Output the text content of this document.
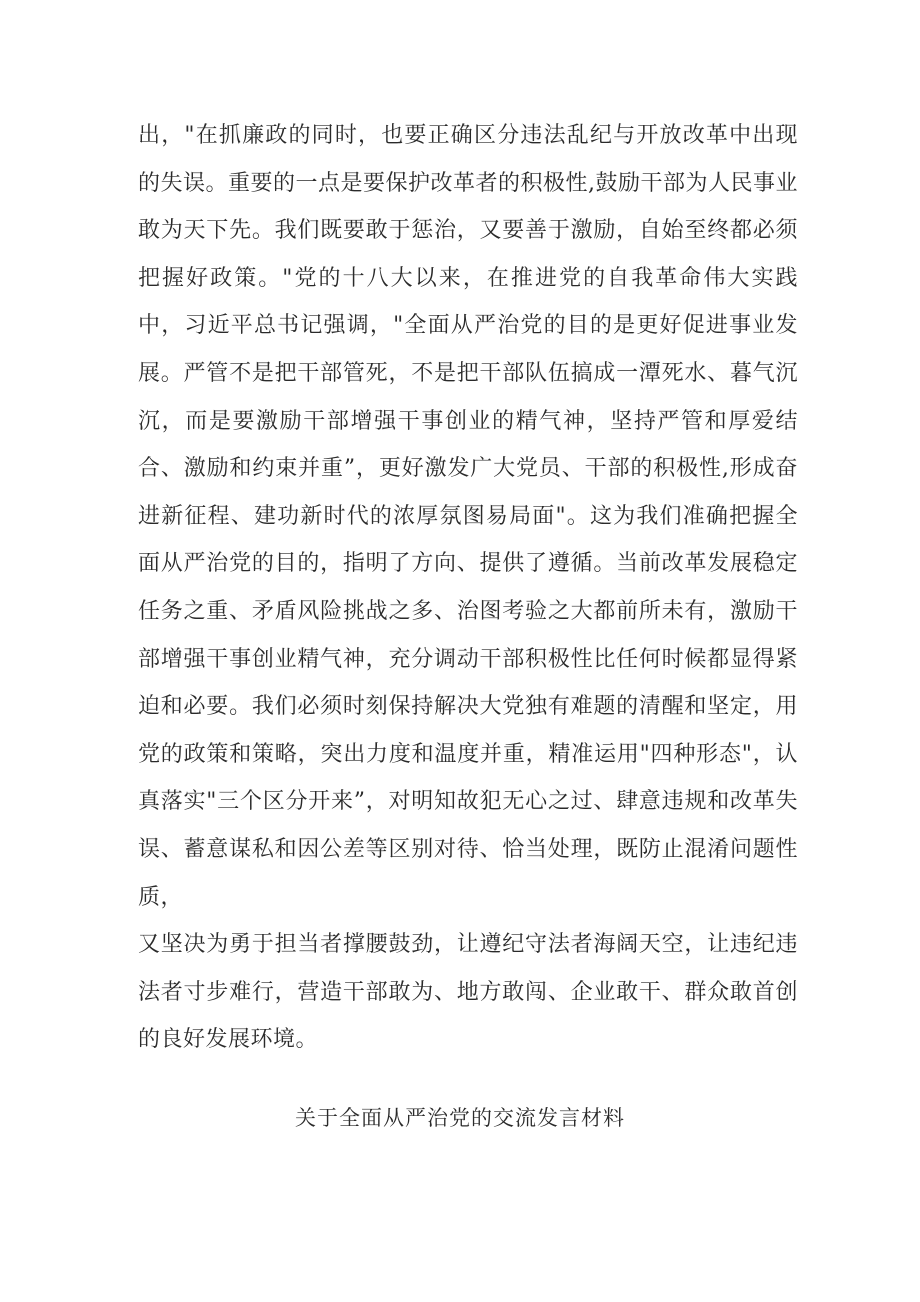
出，"在抓廉政的同时，也要正确区分违法乱纪与开放改革中出现的失误。重要的一点是要保护改革者的积极性,鼓励干部为人民事业敢为天下先。我们既要敢于惩治，又要善于激励，自始至终都必须把握好政策。"党的十八大以来，在推进党的自我革命伟大实践中，习近平总书记强调，"全面从严治党的目的是更好促进事业发展。严管不是把干部管死，不是把干部队伍搞成一潭死水、暮气沉沉，而是要激励干部增强干事创业的精气神，坚持严管和厚爱结合、激励和约束并重”，更好激发广大党员、干部的积极性,形成奋进新征程、建功新时代的浓厚氛图易局面"。这为我们准确把握全面从严治党的目的，指明了方向、提供了遵循。当前改革发展稳定任务之重、矛盾风险挑战之多、治图考验之大都前所未有，激励干部增强干事创业精气神，充分调动干部积极性比任何时候都显得紧迫和必要。我们必须时刻保持解决大党独有难题的清醒和坚定，用党的政策和策略，突出力度和温度并重，精准运用"四种形态"，认真落实"三个区分开来”，对明知故犯无心之过、肆意违规和改革失误、蓄意谋私和因公差等区别对待、恰当处理，既防止混淆问题性质，
又坚决为勇于担当者撑腰鼓劲，让遵纪守法者海阔天空，让违纪违法者寸步难行，营造干部敢为、地方敢闯、企业敢干、群众敢首创的良好发展环境。
关于全面从严治党的交流发言材料
